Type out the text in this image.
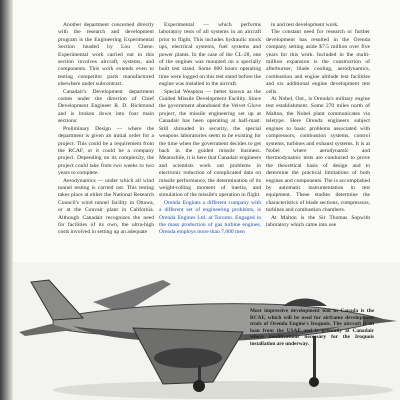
Another department concerned directly with the research and development program is the Engineering Experimental Section headed by Lou Chene. Experimental work carried out in this section involves aircraft, systems, and components. This work extends even to testing competitor parts manufactured elsewhere under subcontract.

Canadair's Development department comes under the direction of Chief Development Engineer R. D. Richmond and is broken down into four main sections:

Preliminary Design — where the department is given an initial order for a project. This could be a requirement from the RCAF, or it could be a company project. Depending on its complexity, the project could take from two weeks to two years to complete.

Aerodynamics — under which all wind tunnel testing is carried out. This testing takes place at either the National Research Council's wind tunnel facility in Ottawa, or at the Convair plant in California. Although Canadair recognizes the need for facilities of its own, the ultra-high costs involved in setting up an adequate

Experimental — which performs laboratory tests of all systems in an aircraft prior to flight. This includes hydraulic mock ups, electrical systems, fuel systems and power plants. In the case of the CL-28, one of the engines was mounted on a specially built test stand. Some 800 hours operating time were logged on this test stand before the engine was installed in the aircraft.

Special Weapons — better known as the Guided Missile Development Facility. Since the government abandoned the Velvet Glove project, the missile engineering set up at Canadair has been operating at half-mast. Still shrouded in security, the special weapons laboratories seem to be existing for the time when the government decides to get back in the guided missile business. Meanwhile, it is here that Canadair engineers and scientists work out problems in electronic reduction of complicated data on missile performance, the determination of its weight-rolling moment of inertia, and simulation of the missile's operation in flight.

Orenda Engines a different company with a different set of engineering problems, is Orenda Engines Ltd. at Toronto. Engaged in the mass production of gas turbine engines, Orenda employs more than 7,000 men

in and test development work.

The constant need for research or further development has resulted in the Orenda company setting aside $7.5 million over five years for this work. Included in the multi-million expansion is the construction of afterburner, blade cooling, aerodynamics, combustion and engine altitude test facilities and six additional engine development test cells.

At Nobel, Ont., is Orenda's military engine test establishment. Some 270 miles north of Malton, the Nobel plant communicates via teletype. Here Orenda engineers subject engines to basic problems associated with compressors, combustion systems, control systems, turbines and exhaust systems. It is at Nobel where aerodynamic and thermodynamic tests are conducted to prove the theoretical basis of design and to determine the practical limitations of both engines and components. The is accomplished by automatic instrumentation in test equipment. These studies determine the characteristics of blade sections, compressors, turbines and combustion chambers.

At Malton is the Sir Thomas Sopwith laboratory which came into use

Most impressive development tool in Canada is the RCAF, which will be used for airframe development trials of Orenda Engine's Iroquois. The aircraft is on loan from the USAF and is presently at Canadair where modifications necessary for the Iroquois installation are underway.
